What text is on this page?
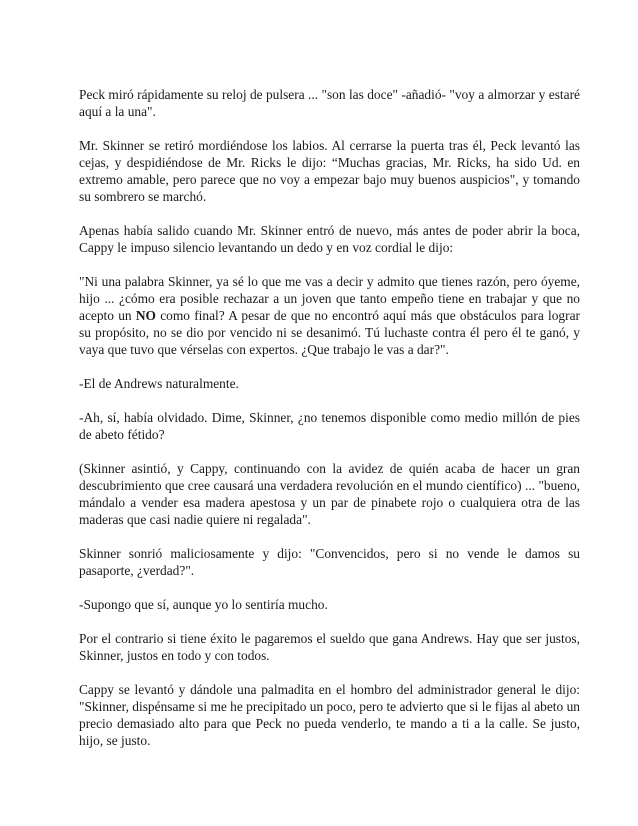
Peck miró rápidamente su reloj de pulsera ... "son las doce" -añadió- "voy a almorzar y estaré aquí a la una".

Mr. Skinner se retiró mordiéndose los labios. Al cerrarse la puerta tras él, Peck levantó las cejas, y despidiéndose de Mr. Ricks le dijo: “Muchas gracias, Mr. Ricks, ha sido Ud. en extremo amable, pero parece que no voy a empezar bajo muy buenos auspicios", y tomando su sombrero se marchó.

Apenas había salido cuando Mr. Skinner entró de nuevo, más antes de poder abrir la boca, Cappy le impuso silencio levantando un dedo y en voz cordial le dijo:

"Ni una palabra Skinner, ya sé lo que me vas a decir y admito que tienes razón, pero óyeme, hijo ... ¿cómo era posible rechazar a un joven que tanto empeño tiene en trabajar y que no acepto un NO como final? A pesar de que no encontró aquí más que obstáculos para lograr su propósito, no se dio por vencido ni se desanimó. Tú luchaste contra él pero él te ganó, y vaya que tuvo que vérselas con expertos. ¿Que trabajo le vas a dar?".

-El de Andrews naturalmente.

-Ah, sí, había olvidado. Dime, Skinner, ¿no tenemos disponible como medio millón de pies de abeto fétido?

(Skinner asintió, y Cappy, continuando con la avidez de quién acaba de hacer un gran descubrimiento que cree causará una verdadera revolución en el mundo científico) ... "bueno, mándalo a vender esa madera apestosa y un par de pinabete rojo o cualquiera otra de las maderas que casi nadie quiere ni regalada".

Skinner sonrió maliciosamente y dijo: "Convencidos, pero si no vende le damos su pasaporte, ¿verdad?".

-Supongo que sí, aunque yo lo sentiría mucho.

Por el contrario si tiene éxito le pagaremos el sueldo que gana Andrews. Hay que ser justos, Skinner, justos en todo y con todos.

Cappy se levantó y dándole una palmadita en el hombro del administrador general le dijo: "Skinner, dispénsame si me he precipitado un poco, pero te advierto que si le fijas al abeto un precio demasiado alto para que Peck no pueda venderlo, te mando a ti a la calle. Se justo, hijo, se justo.
